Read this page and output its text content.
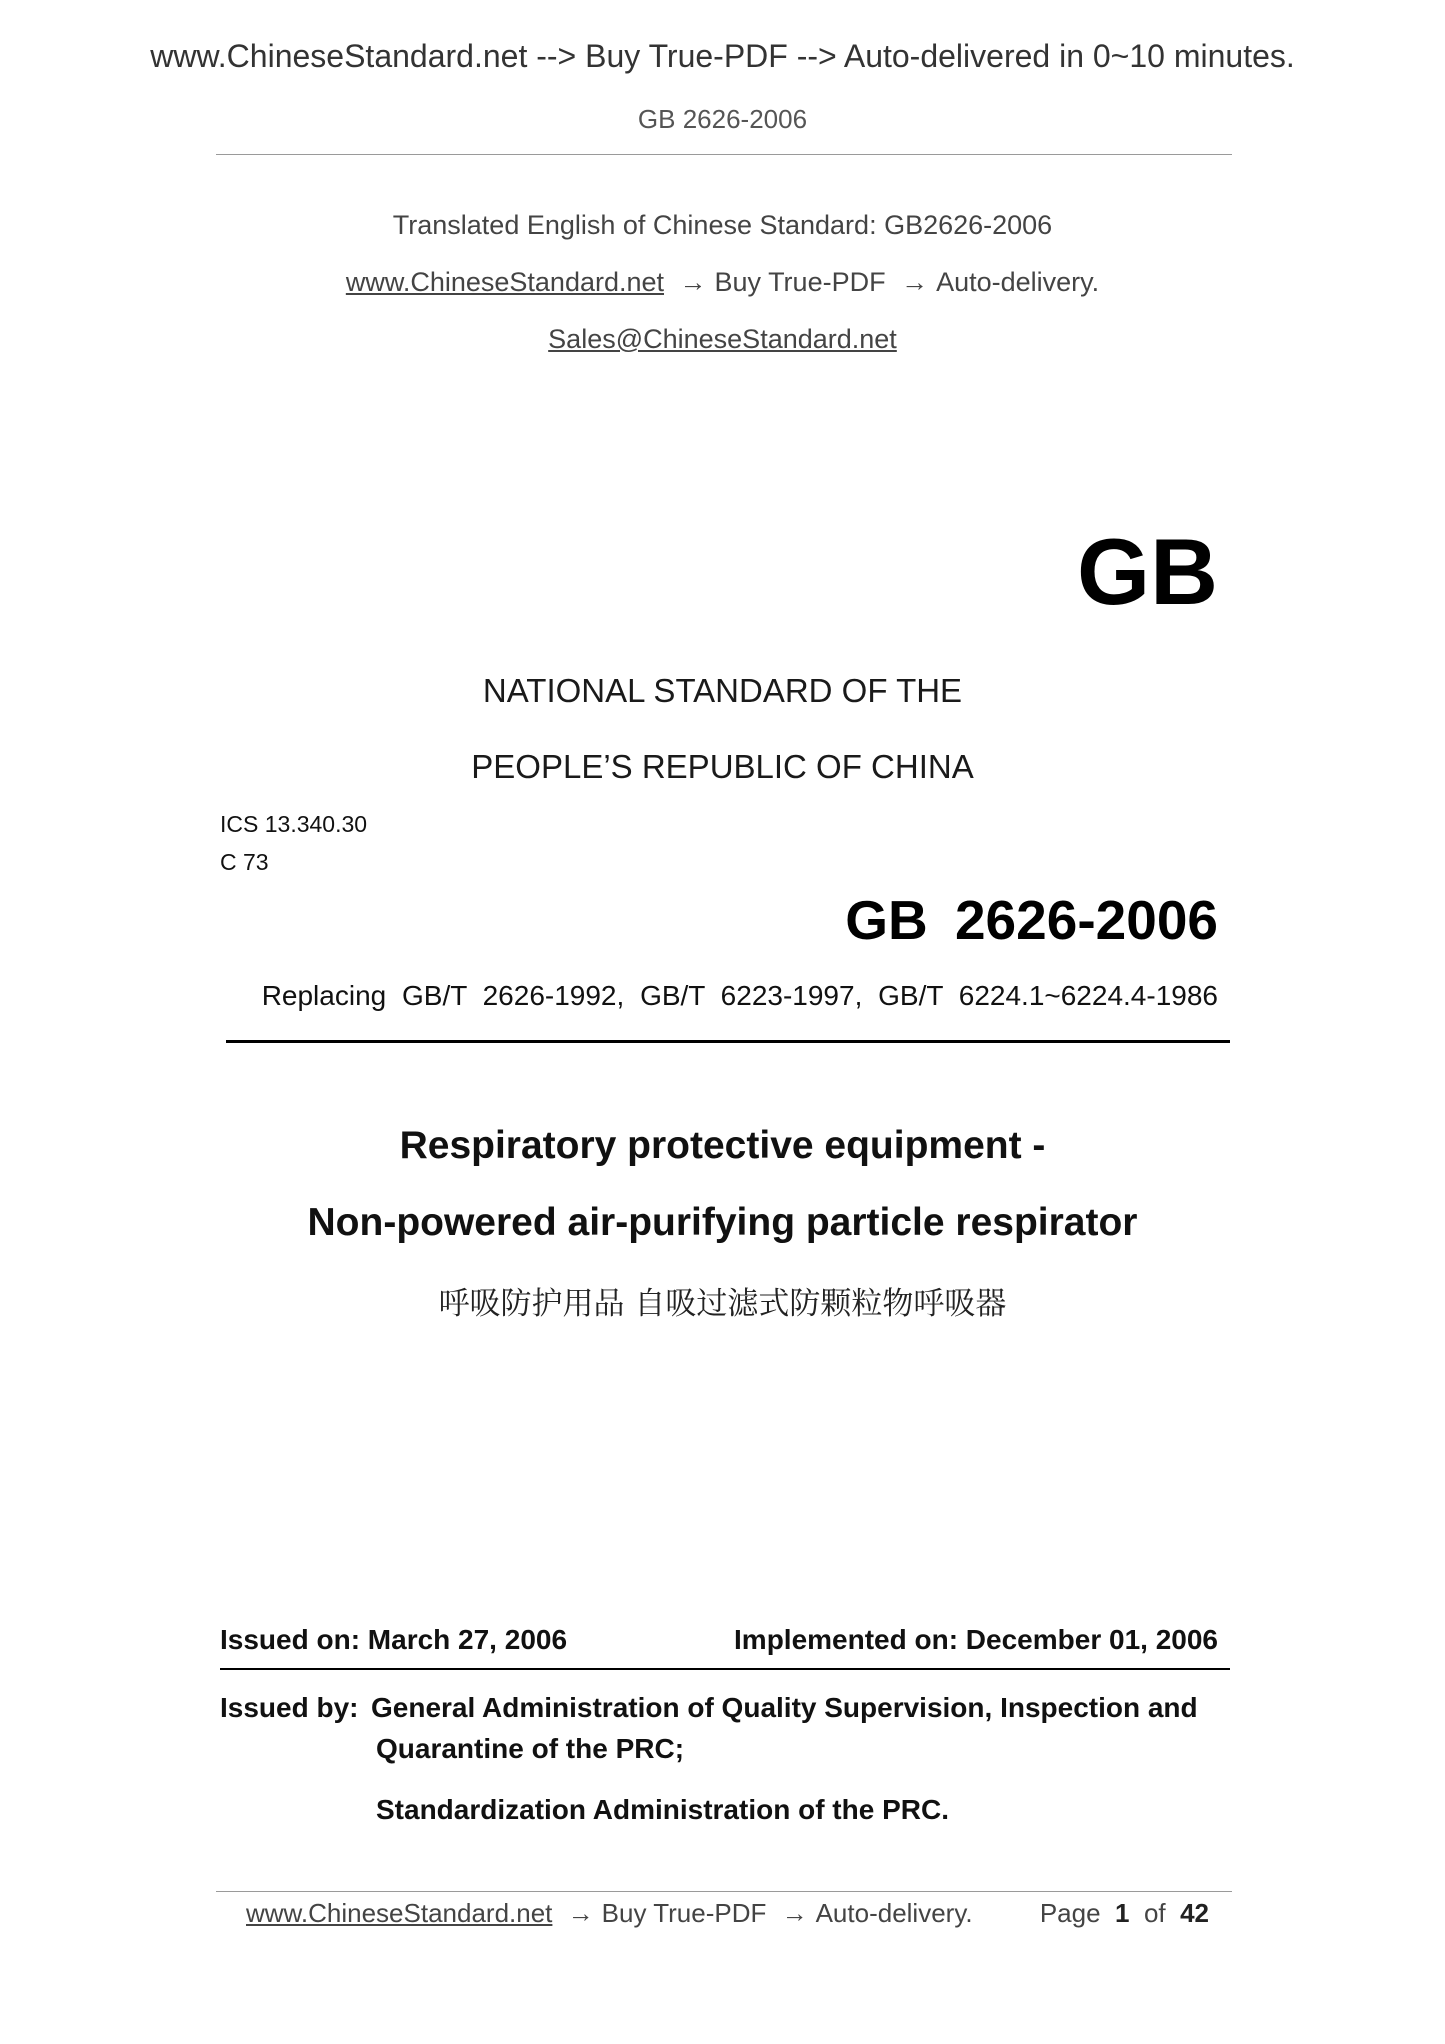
www.ChineseStandard.net --> Buy True-PDF --> Auto-delivered in 0~10 minutes.
GB 2626-2006
Translated English of Chinese Standard: GB2626-2006
www.ChineseStandard.net → Buy True-PDF → Auto-delivery.
Sales@ChineseStandard.net
GB
NATIONAL STANDARD OF THE
PEOPLE’S REPUBLIC OF CHINA
ICS 13.340.30
C 73
GB 2626-2006
Replacing GB/T 2626-1992, GB/T 6223-1997, GB/T 6224.1~6224.4-1986
Respiratory protective equipment -
Non-powered air-purifying particle respirator
呼吸防护用品 自吸过滤式防颗粒物呼吸器
Issued on: March 27, 2006	Implemented on: December 01, 2006
Issued by: General Administration of Quality Supervision, Inspection and
Quarantine of the PRC;
Standardization Administration of the PRC.
www.ChineseStandard.net → Buy True-PDF → Auto-delivery.	Page 1 of 42
